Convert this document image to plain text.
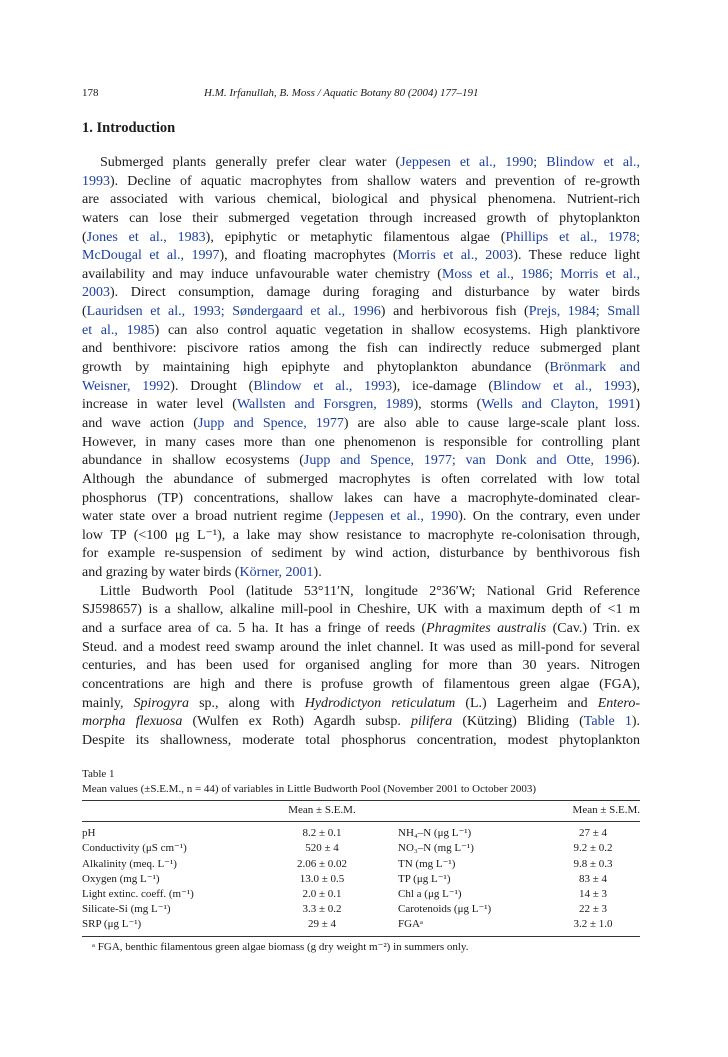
178	H.M. Irfanullah, B. Moss / Aquatic Botany 80 (2004) 177–191
1. Introduction
Submerged plants generally prefer clear water (Jeppesen et al., 1990; Blindow et al.,
1993). Decline of aquatic macrophytes from shallow waters and prevention of re-growth
are associated with various chemical, biological and physical phenomena. Nutrient-rich
waters can lose their submerged vegetation through increased growth of phytoplankton
(Jones et al., 1983), epiphytic or metaphytic filamentous algae (Phillips et al., 1978;
McDougal et al., 1997), and floating macrophytes (Morris et al., 2003). These reduce light
availability and may induce unfavourable water chemistry (Moss et al., 1986; Morris et al.,
2003). Direct consumption, damage during foraging and disturbance by water birds
(Lauridsen et al., 1993; Søndergaard et al., 1996) and herbivorous fish (Prejs, 1984; Small
et al., 1985) can also control aquatic vegetation in shallow ecosystems. High planktivore
and benthivore: piscivore ratios among the fish can indirectly reduce submerged plant
growth by maintaining high epiphyte and phytoplankton abundance (Brönmark and
Weisner, 1992). Drought (Blindow et al., 1993), ice-damage (Blindow et al., 1993),
increase in water level (Wallsten and Forsgren, 1989), storms (Wells and Clayton, 1991)
and wave action (Jupp and Spence, 1977) are also able to cause large-scale plant loss.
However, in many cases more than one phenomenon is responsible for controlling plant
abundance in shallow ecosystems (Jupp and Spence, 1977; van Donk and Otte, 1996).
Although the abundance of submerged macrophytes is often correlated with low total
phosphorus (TP) concentrations, shallow lakes can have a macrophyte-dominated clear-
water state over a broad nutrient regime (Jeppesen et al., 1990). On the contrary, even under
low TP (<100 μg L⁻¹), a lake may show resistance to macrophyte re-colonisation through,
for example re-suspension of sediment by wind action, disturbance by benthivorous fish
and grazing by water birds (Körner, 2001).
Little Budworth Pool (latitude 53°11′N, longitude 2°36′W; National Grid Reference
SJ598657) is a shallow, alkaline mill-pool in Cheshire, UK with a maximum depth of <1 m
and a surface area of ca. 5 ha. It has a fringe of reeds (Phragmites australis (Cav.) Trin. ex
Steud. and a modest reed swamp around the inlet channel. It was used as mill-pond for several
centuries, and has been used for organised angling for more than 30 years. Nitrogen
concentrations are high and there is profuse growth of filamentous green algae (FGA),
mainly, Spirogyra sp., along with Hydrodictyon reticulatum (L.) Lagerheim and Entero-
morpha flexuosa (Wulfen ex Roth) Agardh subsp. pilifera (Kützing) Bliding (Table 1).
Despite its shallowness, moderate total phosphorus concentration, modest phytoplankton
Table 1
Mean values (±S.E.M., n = 44) of variables in Little Budworth Pool (November 2001 to October 2003)
	Mean ± S.E.M.		Mean ± S.E.M.
pH	8.2 ± 0.1	NH₄–N (μg L⁻¹)	27 ± 4
Conductivity (μS cm⁻¹)	520 ± 4	NO₃–N (mg L⁻¹)	9.2 ± 0.2
Alkalinity (meq. L⁻¹)	2.06 ± 0.02	TN (mg L⁻¹)	9.8 ± 0.3
Oxygen (mg L⁻¹)	13.0 ± 0.5	TP (μg L⁻¹)	83 ± 4
Light extinc. coeff. (m⁻¹)	2.0 ± 0.1	Chl a (μg L⁻¹)	14 ± 3
Silicate-Si (mg L⁻¹)	3.3 ± 0.2	Carotenoids (μg L⁻¹)	22 ± 3
SRP (μg L⁻¹)	29 ± 4	FGAᵃ	3.2 ± 1.0
ᵃ FGA, benthic filamentous green algae biomass (g dry weight m⁻²) in summers only.
